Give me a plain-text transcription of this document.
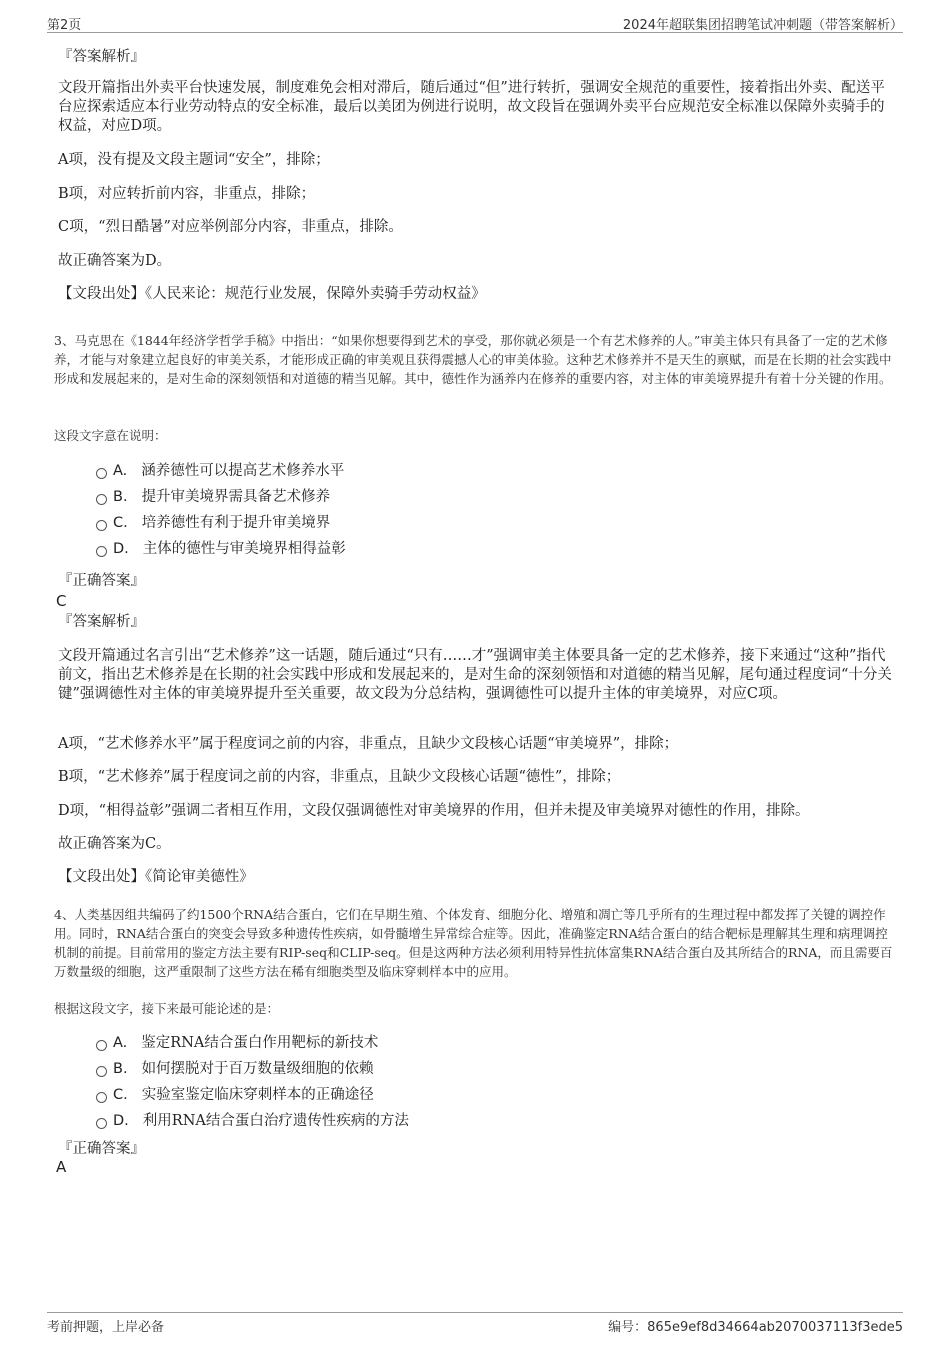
第2页	2024年超联集团招聘笔试冲刺题（带答案解析）
『答案解析』
文段开篇指出外卖平台快速发展，制度难免会相对滞后，随后通过“但”进行转折，强调安全规范的重要性，接着指出外卖、配送平台应探索适应本行业劳动特点的安全标准，最后以美团为例进行说明，故文段旨在强调外卖平台应规范安全标准以保障外卖骑手的权益，对应D项。
A项，没有提及文段主题词“安全”，排除；
B项，对应转折前内容，非重点，排除；
C项，“烈日酷暑”对应举例部分内容，非重点，排除。
故正确答案为D。
【文段出处】《人民来论：规范行业发展，保障外卖骑手劳动权益》
3、马克思在《1844年经济学哲学手稿》中指出：“如果你想要得到艺术的享受，那你就必须是一个有艺术修养的人。”审美主体只有具备了一定的艺术修养，才能与对象建立起良好的审美关系，才能形成正确的审美观且获得震撼人心的审美体验。这种艺术修养并不是天生的禀赋，而是在长期的社会实践中形成和发展起来的，是对生命的深刻领悟和对道德的精当见解。其中，德性作为涵养内在修养的重要内容，对主体的审美境界提升有着十分关键的作用。
这段文字意在说明：
A. 涵养德性可以提高艺术修养水平
B. 提升审美境界需具备艺术修养
C. 培养德性有利于提升审美境界
D. 主体的德性与审美境界相得益彰
『正确答案』
C
『答案解析』
文段开篇通过名言引出“艺术修养”这一话题，随后通过“只有……才”强调审美主体要具备一定的艺术修养，接下来通过“这种”指代前文，指出艺术修养是在长期的社会实践中形成和发展起来的，是对生命的深刻领悟和对道德的精当见解，尾句通过程度词“十分关键”强调德性对主体的审美境界提升至关重要，故文段为分总结构，强调德性可以提升主体的审美境界，对应C项。
A项，“艺术修养水平”属于程度词之前的内容，非重点，且缺少文段核心话题“审美境界”，排除；
B项，“艺术修养”属于程度词之前的内容，非重点，且缺少文段核心话题“德性”，排除；
D项，“相得益彰”强调二者相互作用，文段仅强调德性对审美境界的作用，但并未提及审美境界对德性的作用，排除。
故正确答案为C。
【文段出处】《简论审美德性》
4、人类基因组共编码了约1500个RNA结合蛋白，它们在早期生殖、个体发育、细胞分化、增殖和凋亡等几乎所有的生理过程中都发挥了关键的调控作用。同时，RNA结合蛋白的突变会导致多种遗传性疾病，如骨髓增生异常综合症等。因此，准确鉴定RNA结合蛋白的结合靶标是理解其生理和病理调控机制的前提。目前常用的鉴定方法主要有RIP-seq和CLIP-seq。但是这两种方法必须利用特异性抗体富集RNA结合蛋白及其所结合的RNA，而且需要百万数量级的细胞，这严重限制了这些方法在稀有细胞类型及临床穿刺样本中的应用。
根据这段文字，接下来最可能论述的是：
A. 鉴定RNA结合蛋白作用靶标的新技术
B. 如何摆脱对于百万数量级细胞的依赖
C. 实验室鉴定临床穿刺样本的正确途径
D. 利用RNA结合蛋白治疗遗传性疾病的方法
『正确答案』
A
考前押题，上岸必备	编号：865e9ef8d34664ab2070037113f3ede5
